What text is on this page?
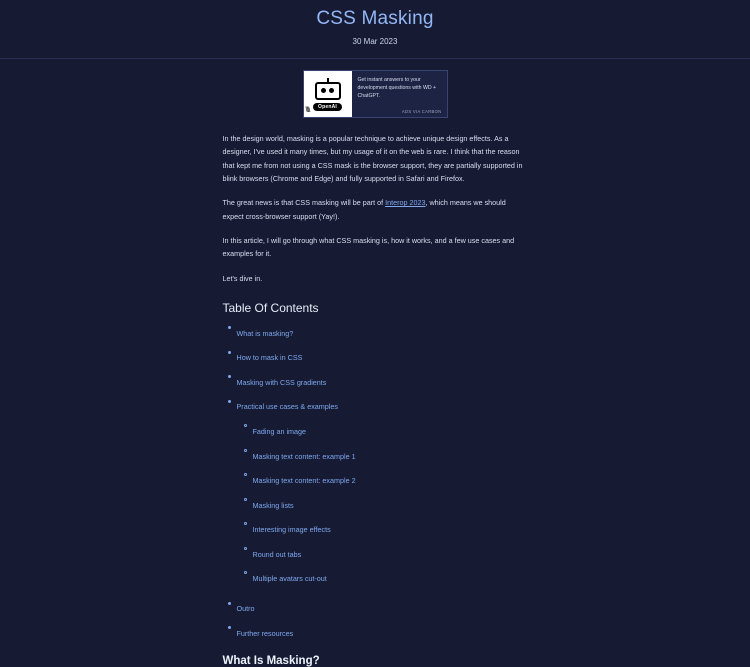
CSS Masking

30 Mar 2023

OpenAI
\\\\
Get instant answers to your development questions with WD + ChatGPT.
ADS VIA CARBON

In the design world, masking is a popular technique to achieve unique design effects. As a designer, I've used it many times, but my usage of it on the web is rare. I think that the reason that kept me from not using a CSS mask is the browser support, they are partially supported in blink browsers (Chrome and Edge) and fully supported in Safari and Firefox.

The great news is that CSS masking will be part of Interop 2023, which means we should expect cross-browser support (Yay!).

In this article, I will go through what CSS masking is, how it works, and a few use cases and examples for it.

Let's dive in.

Table Of Contents
What is masking?
How to mask in CSS
Masking with CSS gradients
Practical use cases & examples
Fading an image
Masking text content: example 1
Masking text content: example 2
Masking lists
Interesting image effects
Round out tabs
Multiple avatars cut-out
Outro
Further resources
What Is Masking?
